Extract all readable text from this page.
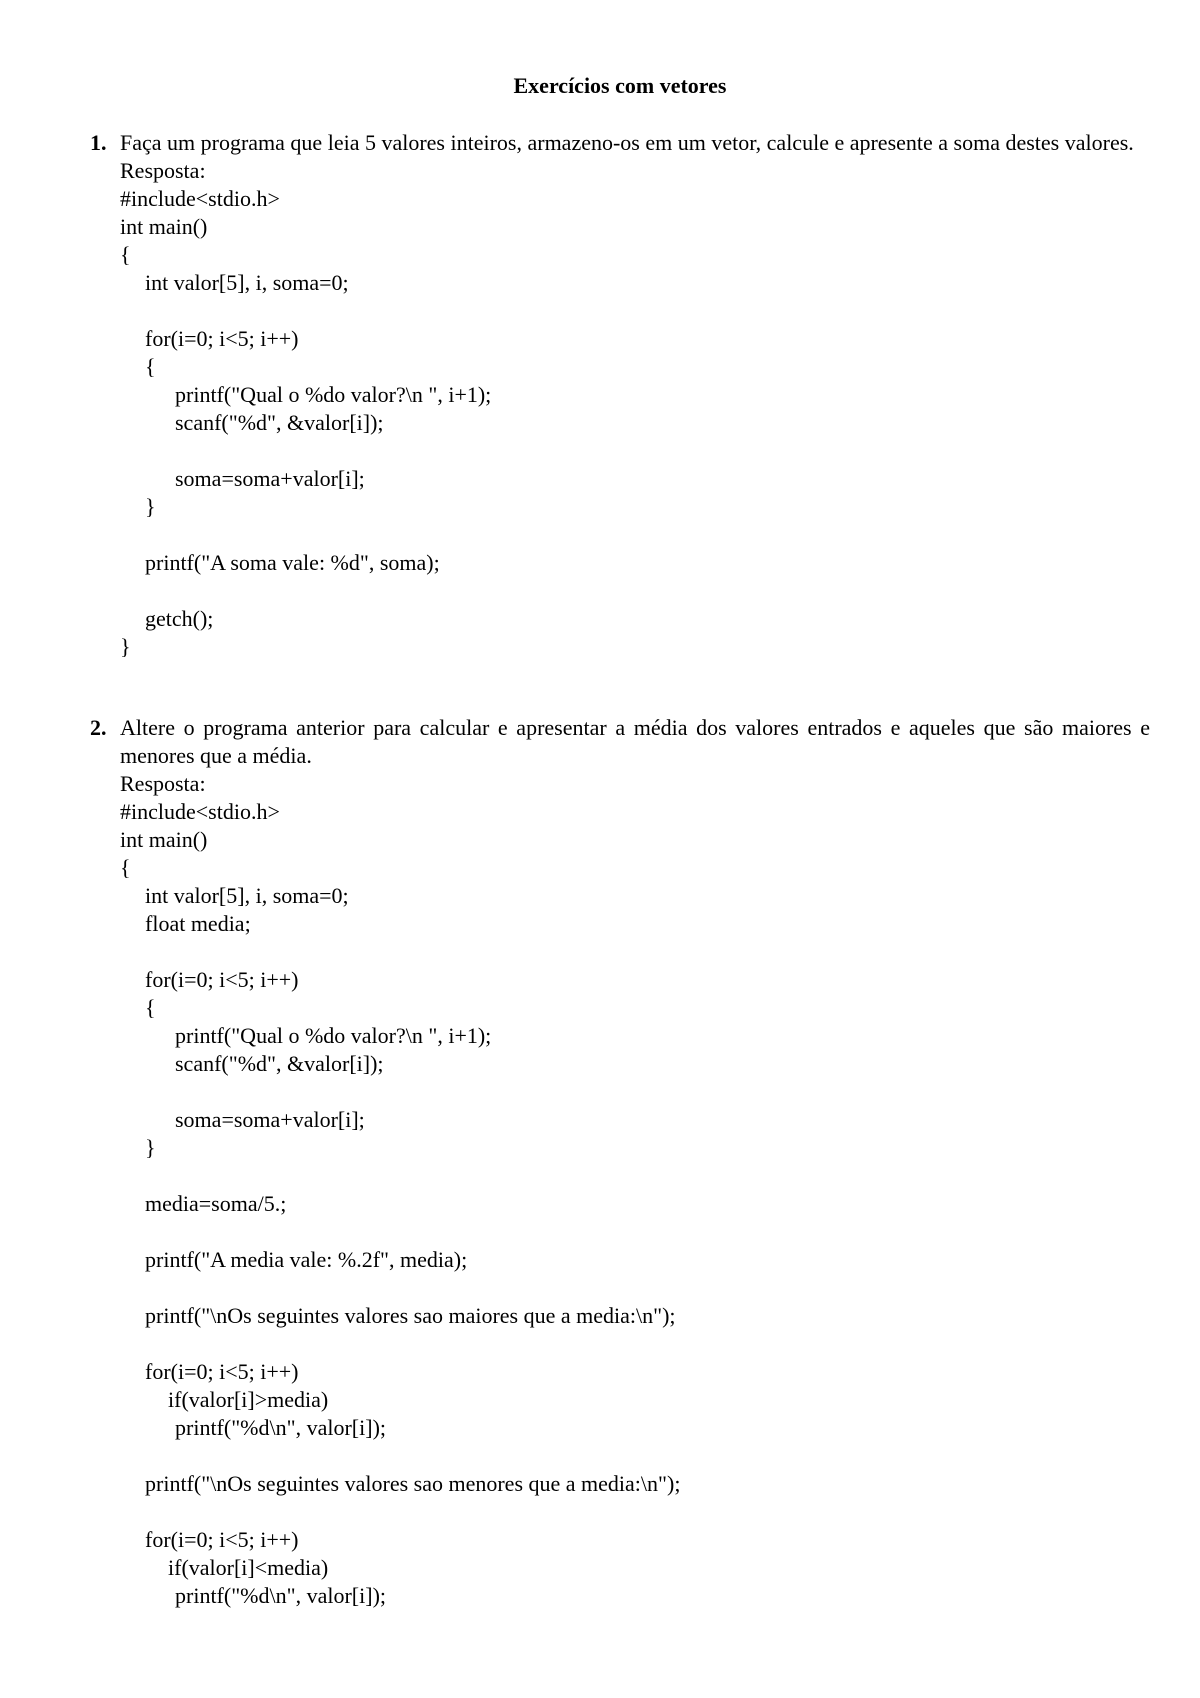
Exercícios com vetores
1. Faça um programa que leia 5 valores inteiros, armazeno-os em um vetor, calcule e apresente a soma destes valores.

Resposta:

#include<stdio.h>
int main()
{
int valor[5], i, soma=0;
for(i=0; i<5; i++)
{
printf("Qual o %do valor?\n ", i+1);
scanf("%d", &valor[i]);
soma=soma+valor[i];
}
printf("A soma vale: %d", soma);
getch();
}
2. Altere o programa anterior para calcular e apresentar a média dos valores entrados e aqueles que são maiores e menores que a média.

Resposta:

#include<stdio.h>
int main()
{
int valor[5], i, soma=0;
float media;
for(i=0; i<5; i++)
{
printf("Qual o %do valor?\n ", i+1);
scanf("%d", &valor[i]);
soma=soma+valor[i];
}
media=soma/5.;
printf("A media vale: %.2f", media);
printf("\nOs seguintes valores sao maiores que a media:\n");
for(i=0; i<5; i++)
if(valor[i]>media)
printf("%d\n", valor[i]);
printf("\nOs seguintes valores sao menores que a media:\n");
for(i=0; i<5; i++)
if(valor[i]<media)
printf("%d\n", valor[i]);
